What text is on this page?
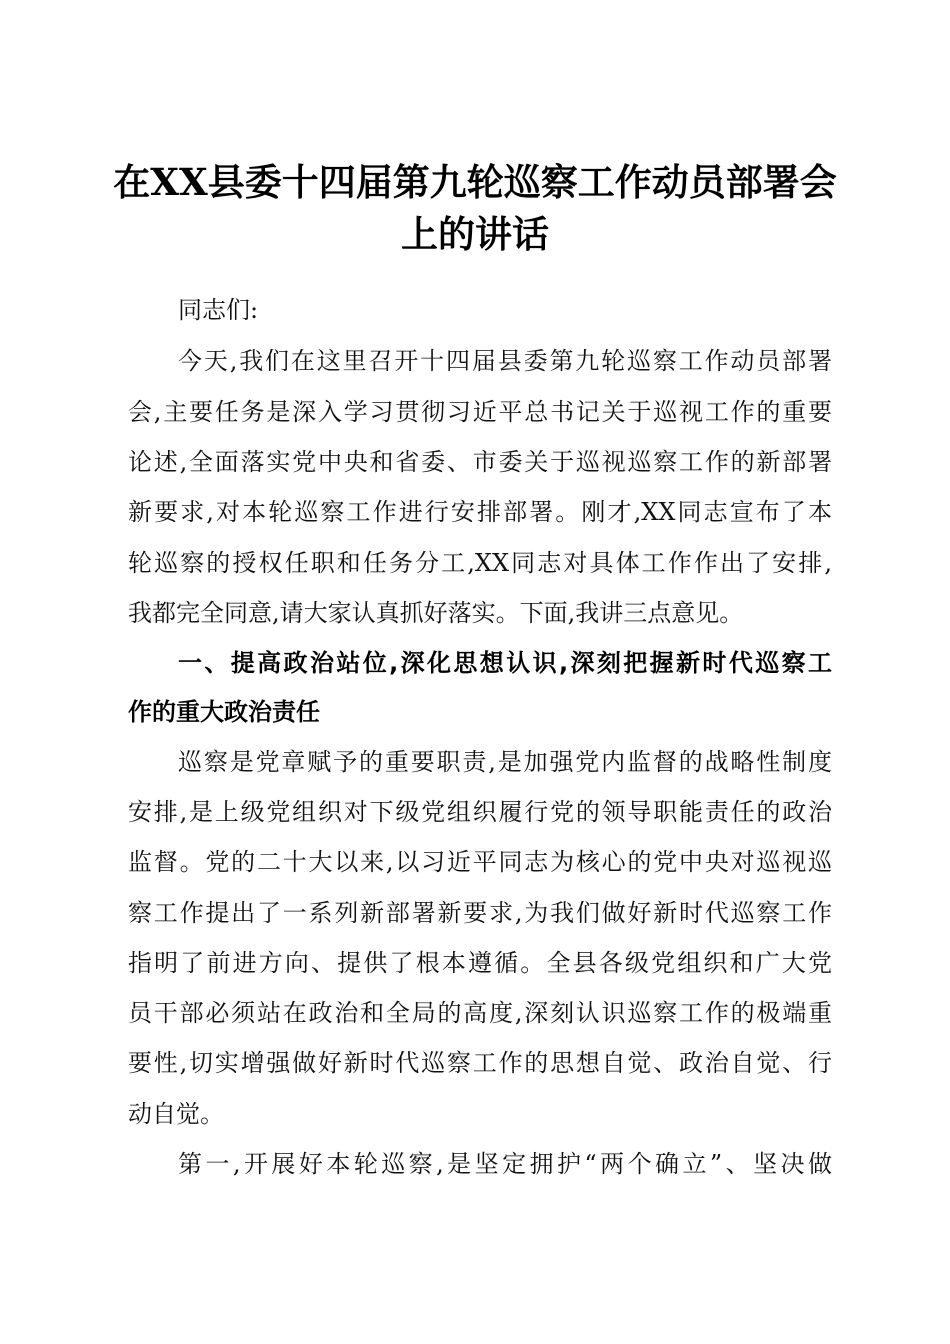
在XX县委十四届第九轮巡察工作动员部署会
上的讲话
同志们:
今天,我们在这里召开十四届县委第九轮巡察工作动员部署
会,主要任务是深入学习贯彻习近平总书记关于巡视工作的重要
论述,全面落实党中央和省委、市委关于巡视巡察工作的新部署
新要求,对本轮巡察工作进行安排部署。刚才,XX同志宣布了本
轮巡察的授权任职和任务分工,XX同志对具体工作作出了安排,
我都完全同意,请大家认真抓好落实。下面,我讲三点意见。
一、提高政治站位,深化思想认识,深刻把握新时代巡察工
作的重大政治责任
巡察是党章赋予的重要职责,是加强党内监督的战略性制度
安排,是上级党组织对下级党组织履行党的领导职能责任的政治
监督。党的二十大以来,以习近平同志为核心的党中央对巡视巡
察工作提出了一系列新部署新要求,为我们做好新时代巡察工作
指明了前进方向、提供了根本遵循。全县各级党组织和广大党
员干部必须站在政治和全局的高度,深刻认识巡察工作的极端重
要性,切实增强做好新时代巡察工作的思想自觉、政治自觉、行
动自觉。
第一,开展好本轮巡察,是坚定拥护“两个确立”、坚决做
